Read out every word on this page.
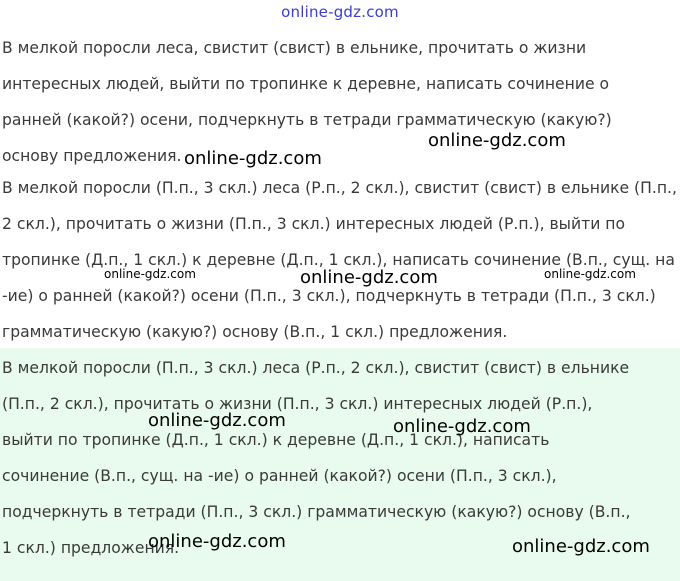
online-gdz.com
В мелкой поросли леса, свистит (свист) в ельнике, прочитать о жизни
интересных людей, выйти по тропинке к деревне, написать сочинение о
ранней (какой?) осени, подчеркнуть в тетради грамматическую (какую?)
основу предложения.
В мелкой поросли (П.п., 3 скл.) леса (Р.п., 2 скл.), свистит (свист) в ельнике (П.п.,
2 скл.), прочитать о жизни (П.п., 3 скл.) интересных людей (Р.п.), выйти по
тропинке (Д.п., 1 скл.) к деревне (Д.п., 1 скл.), написать сочинение (В.п., сущ. на
-ие) о ранней (какой?) осени (П.п., 3 скл.), подчеркнуть в тетради (П.п., 3 скл.)
грамматическую (какую?) основу (В.п., 1 скл.) предложения.
В мелкой поросли (П.п., 3 скл.) леса (Р.п., 2 скл.), свистит (свист) в ельнике
(П.п., 2 скл.), прочитать о жизни (П.п., 3 скл.) интересных людей (Р.п.),
выйти по тропинке (Д.п., 1 скл.) к деревне (Д.п., 1 скл.), написать
сочинение (В.п., сущ. на -ие) о ранней (какой?) осени (П.п., 3 скл.),
подчеркнуть в тетради (П.п., 3 скл.) грамматическую (какую?) основу (В.п.,
1 скл.) предложения.
online-gdz.com
online-gdz.com
online-gdz.com	online-gdz.com	online-gdz.com
online-gdz.com	online-gdz.com
online-gdz.com	online-gdz.com
